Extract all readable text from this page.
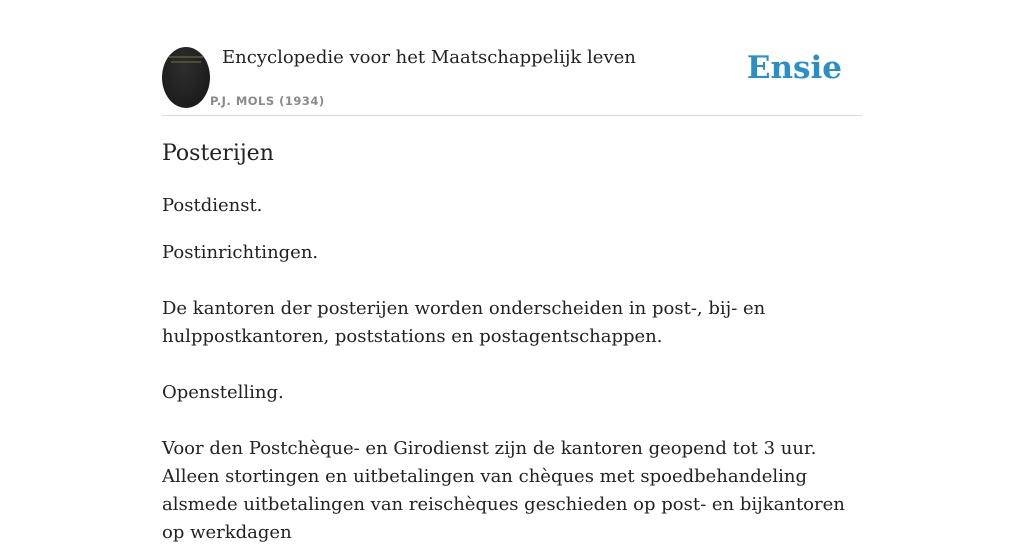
Encyclopedie voor het Maatschappelijk leven
P.J. MOLS (1934)
Ensie
Posterijen

Postdienst.

Postinrichtingen.

De kantoren der posterijen worden onderscheiden in post-, bij- en hulppostkantoren, poststations en postagentschappen.

Openstelling.

Voor den Postchèque- en Girodienst zijn de kantoren geopend tot 3 uur. Alleen stortingen en uitbetalingen van chèques met spoedbehandeling alsmede uitbetalingen van reischèques geschieden op post- en bijkantoren op werkdagen
